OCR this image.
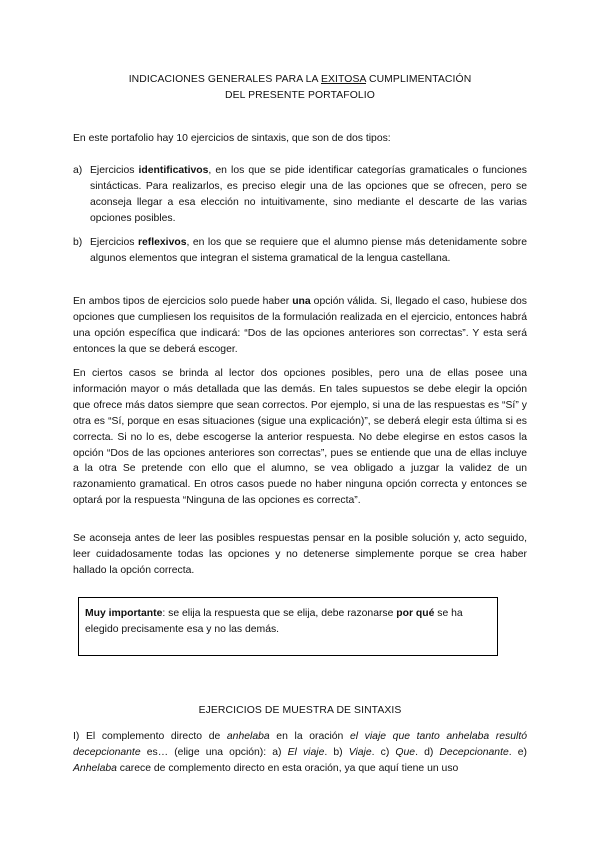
INDICACIONES GENERALES PARA LA EXITOSA CUMPLIMENTACIÓN
DEL PRESENTE PORTAFOLIO

En este portafolio hay 10 ejercicios de sintaxis, que son de dos tipos:

a) Ejercicios identificativos, en los que se pide identificar categorías gramaticales o funciones sintácticas. Para realizarlos, es preciso elegir una de las opciones que se ofrecen, pero se aconseja llegar a esa elección no intuitivamente, sino mediante el descarte de las varias opciones posibles.

b) Ejercicios reflexivos, en los que se requiere que el alumno piense más detenidamente sobre algunos elementos que integran el sistema gramatical de la lengua castellana.

En ambos tipos de ejercicios solo puede haber una opción válida. Si, llegado el caso, hubiese dos opciones que cumpliesen los requisitos de la formulación realizada en el ejercicio, entonces habrá una opción específica que indicará: “Dos de las opciones anteriores son correctas”. Y esta será entonces la que se deberá escoger.

En ciertos casos se brinda al lector dos opciones posibles, pero una de ellas posee una información mayor o más detallada que las demás. En tales supuestos se debe elegir la opción que ofrece más datos siempre que sean correctos. Por ejemplo, si una de las respuestas es “Sí” y otra es “Sí, porque en esas situaciones (sigue una explicación)”, se deberá elegir esta última si es correcta. Si no lo es, debe escogerse la anterior respuesta. No debe elegirse en estos casos la opción “Dos de las opciones anteriores son correctas”, pues se entiende que una de ellas incluye a la otra Se pretende con ello que el alumno, se vea obligado a juzgar la validez de un razonamiento gramatical. En otros casos puede no haber ninguna opción correcta y entonces se optará por la respuesta “Ninguna de las opciones es correcta”.

Se aconseja antes de leer las posibles respuestas pensar en la posible solución y, acto seguido, leer cuidadosamente todas las opciones y no detenerse simplemente porque se crea haber hallado la opción correcta.

Muy importante: se elija la respuesta que se elija, debe razonarse por qué se ha elegido precisamente esa y no las demás.

EJERCICIOS DE MUESTRA DE SINTAXIS

I) El complemento directo de anhelaba en la oración el viaje que tanto anhelaba resultó decepcionante es… (elige una opción): a) El viaje. b) Viaje. c) Que. d) Decepcionante. e) Anhelaba carece de complemento directo en esta oración, ya que aquí tiene un uso
